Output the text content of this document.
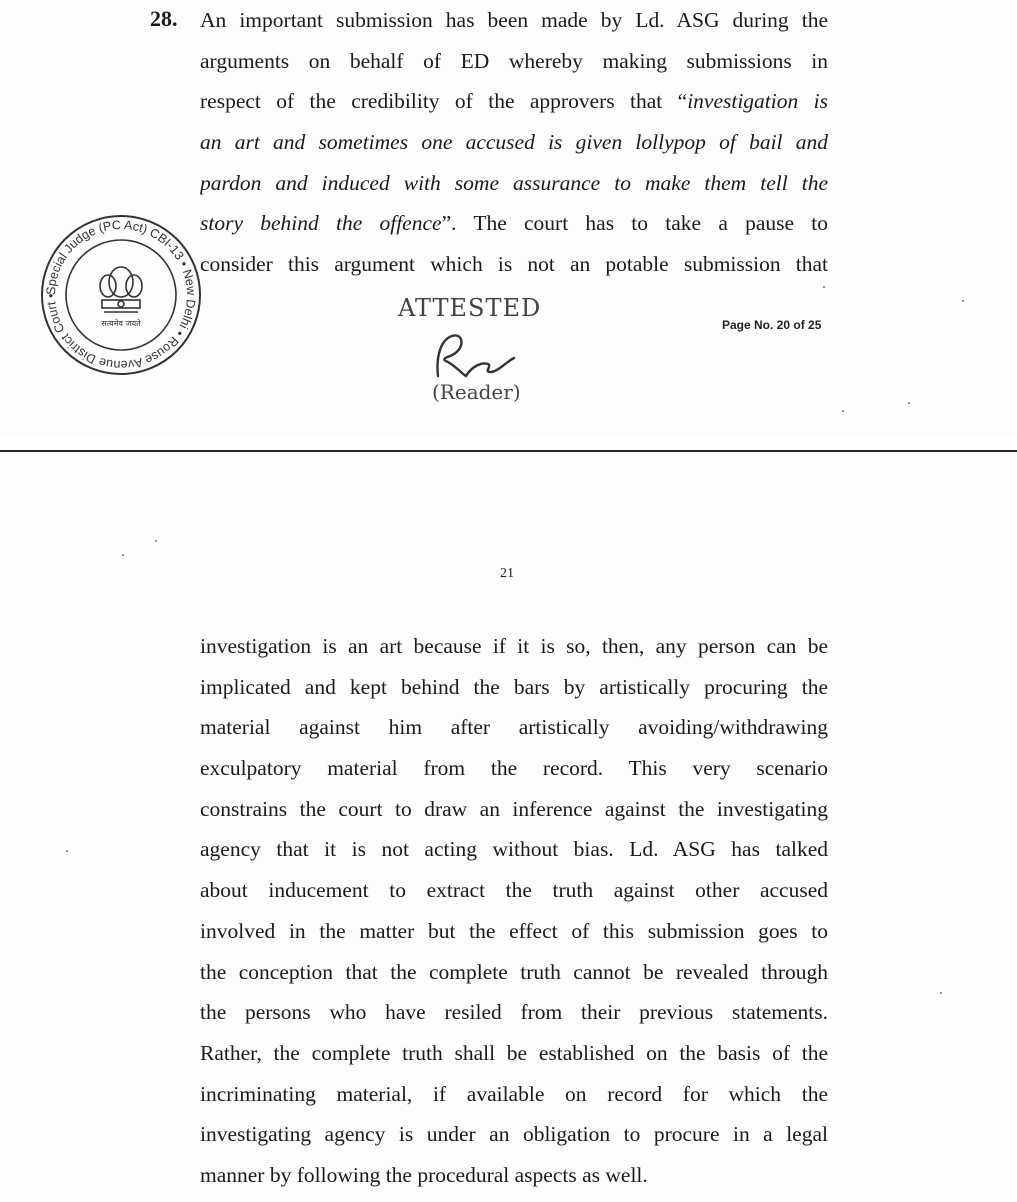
28. An important submission has been made by Ld. ASG during the
arguments on behalf of ED whereby making submissions in
respect of the credibility of the approvers that “investigation is
an art and sometimes one accused is given lollypop of bail and
pardon and induced with some assurance to make them tell the
story behind the offence”. The court has to take a pause to
consider this argument which is not an potable submission that
Special Judge (PC Act) CBI-13 • New Delhi • Rouse Avenue District Court •
सत्यमेव जयते
ATTESTED
(Reader)
Page No. 20 of 25
21
investigation is an art because if it is so, then, any person can be
implicated and kept behind the bars by artistically procuring the
material against him after artistically avoiding/withdrawing
exculpatory material from the record. This very scenario
constrains the court to draw an inference against the investigating
agency that it is not acting without bias. Ld. ASG has talked
about inducement to extract the truth against other accused
involved in the matter but the effect of this submission goes to
the conception that the complete truth cannot be revealed through
the persons who have resiled from their previous statements.
Rather, the complete truth shall be established on the basis of the
incriminating material, if available on record for which the
investigating agency is under an obligation to procure in a legal
manner by following the procedural aspects as well.
